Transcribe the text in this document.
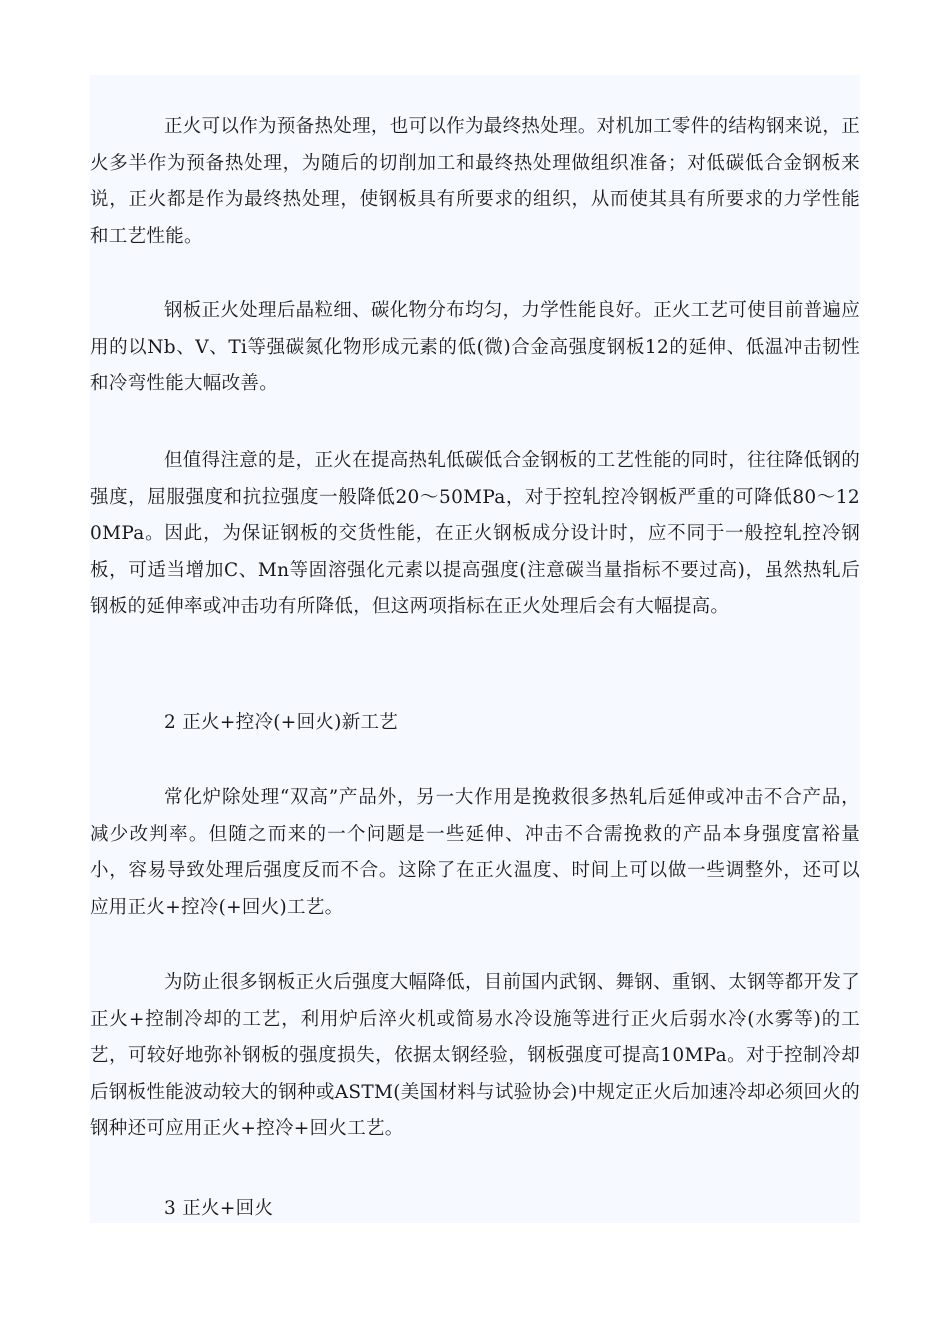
正火可以作为预备热处理，也可以作为最终热处理。对机加工零件的结构钢来说，正火多半作为预备热处理，为随后的切削加工和最终热处理做组织准备；对低碳低合金钢板来说，正火都是作为最终热处理，使钢板具有所要求的组织，从而使其具有所要求的力学性能和工艺性能。

钢板正火处理后晶粒细、碳化物分布均匀，力学性能良好。正火工艺可使目前普遍应用的以Nb、V、Ti等强碳氮化物形成元素的低(微)合金高强度钢板12的延伸、低温冲击韧性和冷弯性能大幅改善。

但值得注意的是，正火在提高热轧低碳低合金钢板的工艺性能的同时，往往降低钢的强度，屈服强度和抗拉强度一般降低20～50MPa，对于控轧控冷钢板严重的可降低80～120MPa。因此，为保证钢板的交货性能，在正火钢板成分设计时，应不同于一般控轧控冷钢板，可适当增加C、Mn等固溶强化元素以提高强度(注意碳当量指标不要过高)，虽然热轧后钢板的延伸率或冲击功有所降低，但这两项指标在正火处理后会有大幅提高。

2 正火+控冷(+回火)新工艺

常化炉除处理“双高”产品外，另一大作用是挽救很多热轧后延伸或冲击不合产品，减少改判率。但随之而来的一个问题是一些延伸、冲击不合需挽救的产品本身强度富裕量小，容易导致处理后强度反而不合。这除了在正火温度、时间上可以做一些调整外，还可以应用正火+控冷(+回火)工艺。

为防止很多钢板正火后强度大幅降低，目前国内武钢、舞钢、重钢、太钢等都开发了正火+控制冷却的工艺，利用炉后淬火机或简易水冷设施等进行正火后弱水冷(水雾等)的工艺，可较好地弥补钢板的强度损失，依据太钢经验，钢板强度可提高10MPa。对于控制冷却后钢板性能波动较大的钢种或ASTM(美国材料与试验协会)中规定正火后加速冷却必须回火的钢种还可应用正火+控冷+回火工艺。

3 正火+回火
